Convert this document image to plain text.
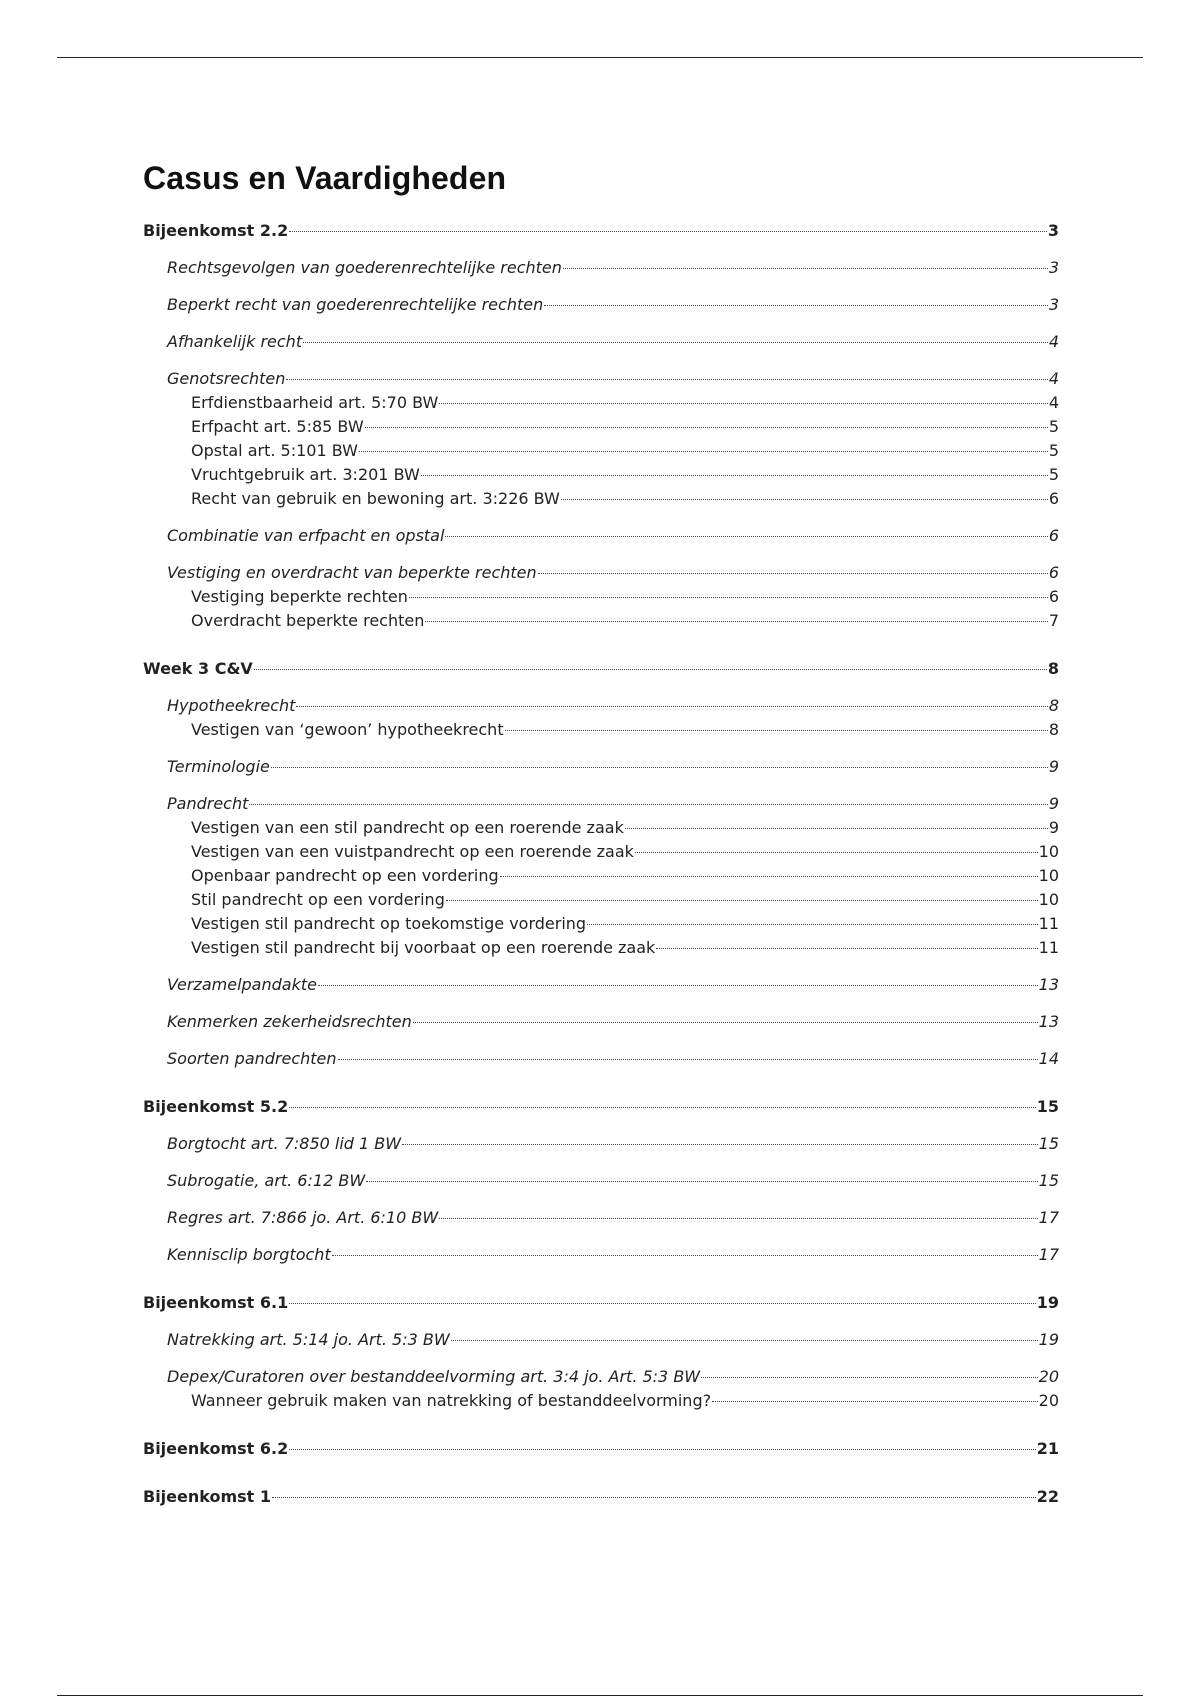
Casus en Vaardigheden
Bijeenkomst 2.2	3
Rechtsgevolgen van goederenrechtelijke rechten	3
Beperkt recht van goederenrechtelijke rechten	3
Afhankelijk recht	4
Genotsrechten	4
Erfdienstbaarheid art. 5:70 BW	4
Erfpacht art. 5:85 BW	5
Opstal art. 5:101 BW	5
Vruchtgebruik art. 3:201 BW	5
Recht van gebruik en bewoning art. 3:226 BW	6
Combinatie van erfpacht en opstal	6
Vestiging en overdracht van beperkte rechten	6
Vestiging beperkte rechten	6
Overdracht beperkte rechten	7
Week 3 C&V	8
Hypotheekrecht	8
Vestigen van ‘gewoon’ hypotheekrecht	8
Terminologie	9
Pandrecht	9
Vestigen van een stil pandrecht op een roerende zaak	9
Vestigen van een vuistpandrecht op een roerende zaak	10
Openbaar pandrecht op een vordering	10
Stil pandrecht op een vordering	10
Vestigen stil pandrecht op toekomstige vordering	11
Vestigen stil pandrecht bij voorbaat op een roerende zaak	11
Verzamelpandakte	13
Kenmerken zekerheidsrechten	13
Soorten pandrechten	14
Bijeenkomst 5.2	15
Borgtocht art. 7:850 lid 1 BW	15
Subrogatie, art. 6:12 BW	15
Regres art. 7:866 jo. Art. 6:10 BW	17
Kennisclip borgtocht	17
Bijeenkomst 6.1	19
Natrekking art. 5:14 jo. Art. 5:3 BW	19
Depex/Curatoren over bestanddeelvorming art. 3:4 jo. Art. 5:3 BW	20
Wanneer gebruik maken van natrekking of bestanddeelvorming?	20
Bijeenkomst 6.2	21
Bijeenkomst 1	22
